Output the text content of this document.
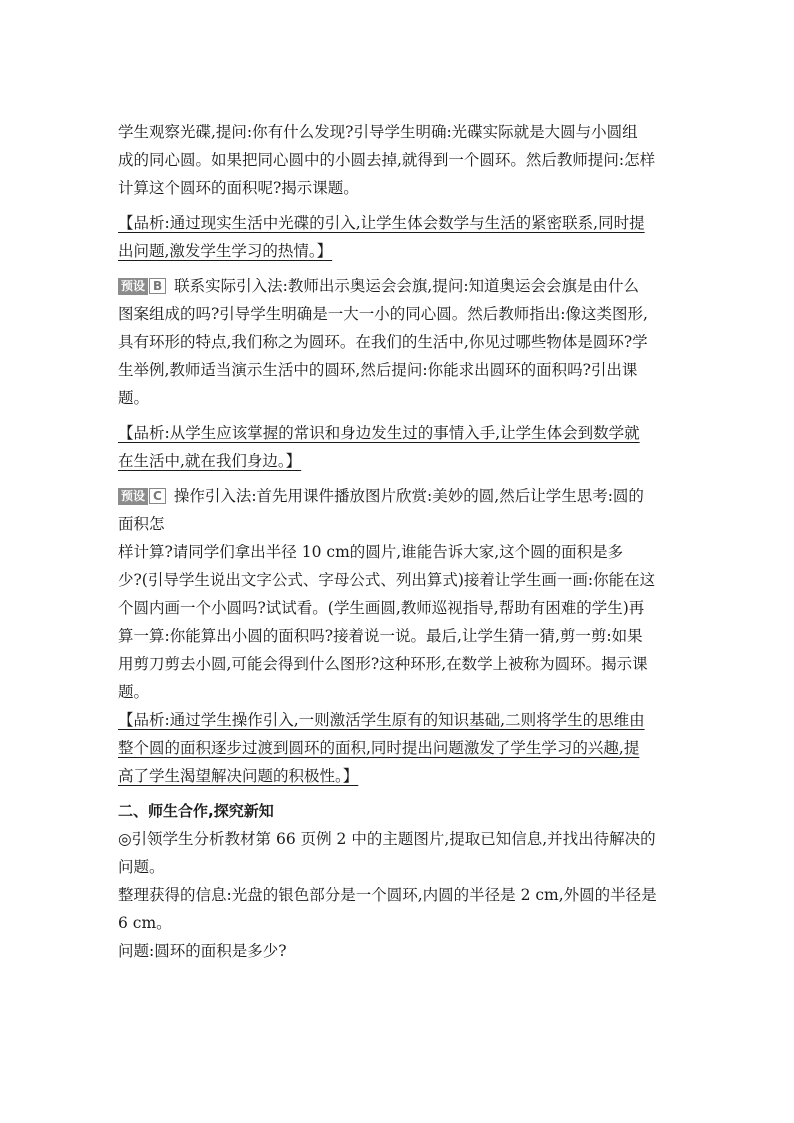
学生观察光碟,提问:你有什么发现?引导学生明确:光碟实际就是大圆与小圆组

成的同心圆。如果把同心圆中的小圆去掉,就得到一个圆环。然后教师提问:怎样

计算这个圆环的面积呢?揭示课题。

【品析:通过现实生活中光碟的引入,让学生体会数学与生活的紧密联系,同时提

出问题,激发学生学习的热情。】

预设 B 联系实际引入法:教师出示奥运会会旗,提问:知道奥运会会旗是由什么

图案组成的吗?引导学生明确是一大一小的同心圆。然后教师指出:像这类图形,

具有环形的特点,我们称之为圆环。在我们的生活中,你见过哪些物体是圆环?学

生举例,教师适当演示生活中的圆环,然后提问:你能求出圆环的面积吗?引出课

题。

【品析:从学生应该掌握的常识和身边发生过的事情入手,让学生体会到数学就

在生活中,就在我们身边。】

预设 C 操作引入法:首先用课件播放图片欣赏:美妙的圆,然后让学生思考:圆的

面积怎

样计算?请同学们拿出半径 10 cm的圆片,谁能告诉大家,这个圆的面积是多

少?(引导学生说出文字公式、字母公式、列出算式)接着让学生画一画:你能在这

个圆内画一个小圆吗?试试看。(学生画圆,教师巡视指导,帮助有困难的学生)再

算一算:你能算出小圆的面积吗?接着说一说。最后,让学生猜一猜,剪一剪:如果

用剪刀剪去小圆,可能会得到什么图形?这种环形,在数学上被称为圆环。揭示课

题。

【品析:通过学生操作引入,一则激活学生原有的知识基础,二则将学生的思维由

整个圆的面积逐步过渡到圆环的面积,同时提出问题激发了学生学习的兴趣,提

高了学生渴望解决问题的积极性。】

二、师生合作,探究新知

◎引领学生分析教材第 66 页例 2 中的主题图片,提取已知信息,并找出待解决的

问题。

整理获得的信息:光盘的银色部分是一个圆环,内圆的半径是 2 cm,外圆的半径是

6 cm。

问题:圆环的面积是多少?
